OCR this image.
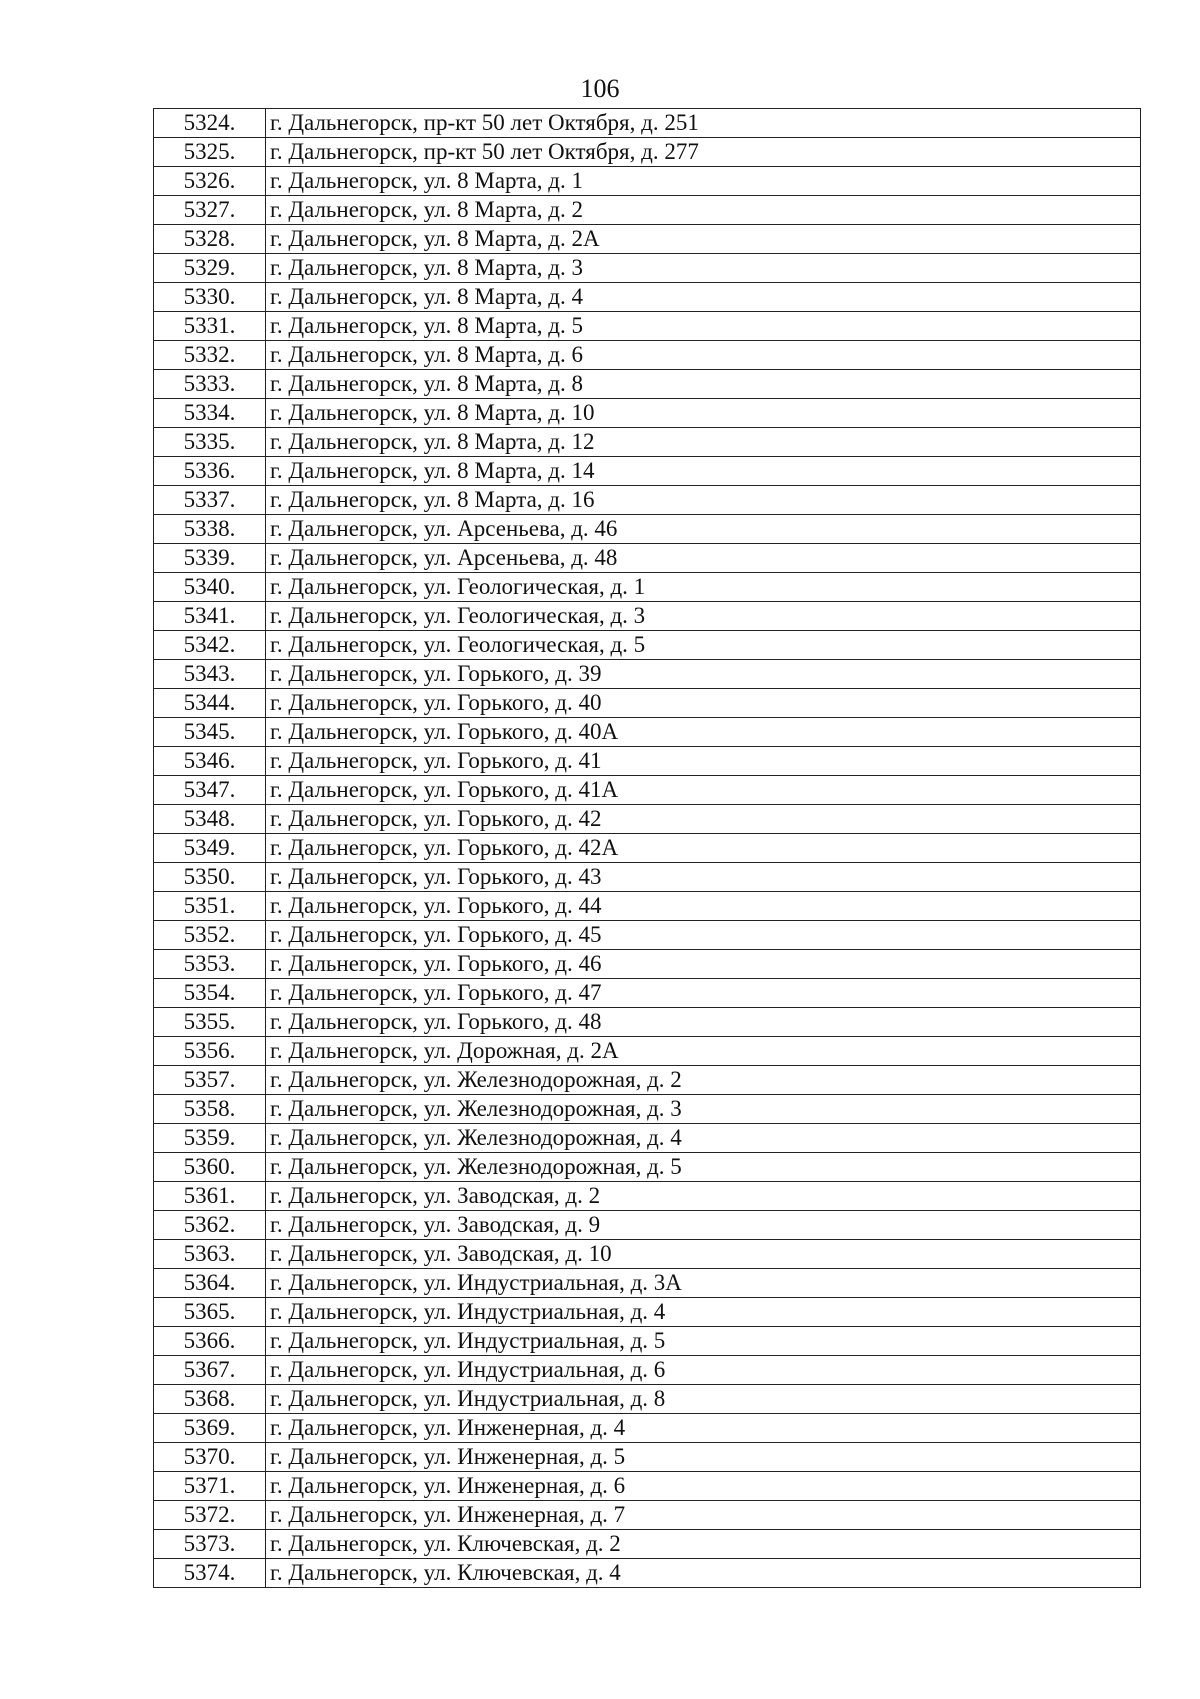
106
5324.	г. Дальнегорск, пр-кт 50 лет Октября, д. 251
5325.	г. Дальнегорск, пр-кт 50 лет Октября, д. 277
5326.	г. Дальнегорск, ул. 8 Марта, д. 1
5327.	г. Дальнегорск, ул. 8 Марта, д. 2
5328.	г. Дальнегорск, ул. 8 Марта, д. 2А
5329.	г. Дальнегорск, ул. 8 Марта, д. 3
5330.	г. Дальнегорск, ул. 8 Марта, д. 4
5331.	г. Дальнегорск, ул. 8 Марта, д. 5
5332.	г. Дальнегорск, ул. 8 Марта, д. 6
5333.	г. Дальнегорск, ул. 8 Марта, д. 8
5334.	г. Дальнегорск, ул. 8 Марта, д. 10
5335.	г. Дальнегорск, ул. 8 Марта, д. 12
5336.	г. Дальнегорск, ул. 8 Марта, д. 14
5337.	г. Дальнегорск, ул. 8 Марта, д. 16
5338.	г. Дальнегорск, ул. Арсеньева, д. 46
5339.	г. Дальнегорск, ул. Арсеньева, д. 48
5340.	г. Дальнегорск, ул. Геологическая, д. 1
5341.	г. Дальнегорск, ул. Геологическая, д. 3
5342.	г. Дальнегорск, ул. Геологическая, д. 5
5343.	г. Дальнегорск, ул. Горького, д. 39
5344.	г. Дальнегорск, ул. Горького, д. 40
5345.	г. Дальнегорск, ул. Горького, д. 40А
5346.	г. Дальнегорск, ул. Горького, д. 41
5347.	г. Дальнегорск, ул. Горького, д. 41А
5348.	г. Дальнегорск, ул. Горького, д. 42
5349.	г. Дальнегорск, ул. Горького, д. 42А
5350.	г. Дальнегорск, ул. Горького, д. 43
5351.	г. Дальнегорск, ул. Горького, д. 44
5352.	г. Дальнегорск, ул. Горького, д. 45
5353.	г. Дальнегорск, ул. Горького, д. 46
5354.	г. Дальнегорск, ул. Горького, д. 47
5355.	г. Дальнегорск, ул. Горького, д. 48
5356.	г. Дальнегорск, ул. Дорожная, д. 2А
5357.	г. Дальнегорск, ул. Железнодорожная, д. 2
5358.	г. Дальнегорск, ул. Железнодорожная, д. 3
5359.	г. Дальнегорск, ул. Железнодорожная, д. 4
5360.	г. Дальнегорск, ул. Железнодорожная, д. 5
5361.	г. Дальнегорск, ул. Заводская, д. 2
5362.	г. Дальнегорск, ул. Заводская, д. 9
5363.	г. Дальнегорск, ул. Заводская, д. 10
5364.	г. Дальнегорск, ул. Индустриальная, д. 3А
5365.	г. Дальнегорск, ул. Индустриальная, д. 4
5366.	г. Дальнегорск, ул. Индустриальная, д. 5
5367.	г. Дальнегорск, ул. Индустриальная, д. 6
5368.	г. Дальнегорск, ул. Индустриальная, д. 8
5369.	г. Дальнегорск, ул. Инженерная, д. 4
5370.	г. Дальнегорск, ул. Инженерная, д. 5
5371.	г. Дальнегорск, ул. Инженерная, д. 6
5372.	г. Дальнегорск, ул. Инженерная, д. 7
5373.	г. Дальнегорск, ул. Ключевская, д. 2
5374.	г. Дальнегорск, ул. Ключевская, д. 4
